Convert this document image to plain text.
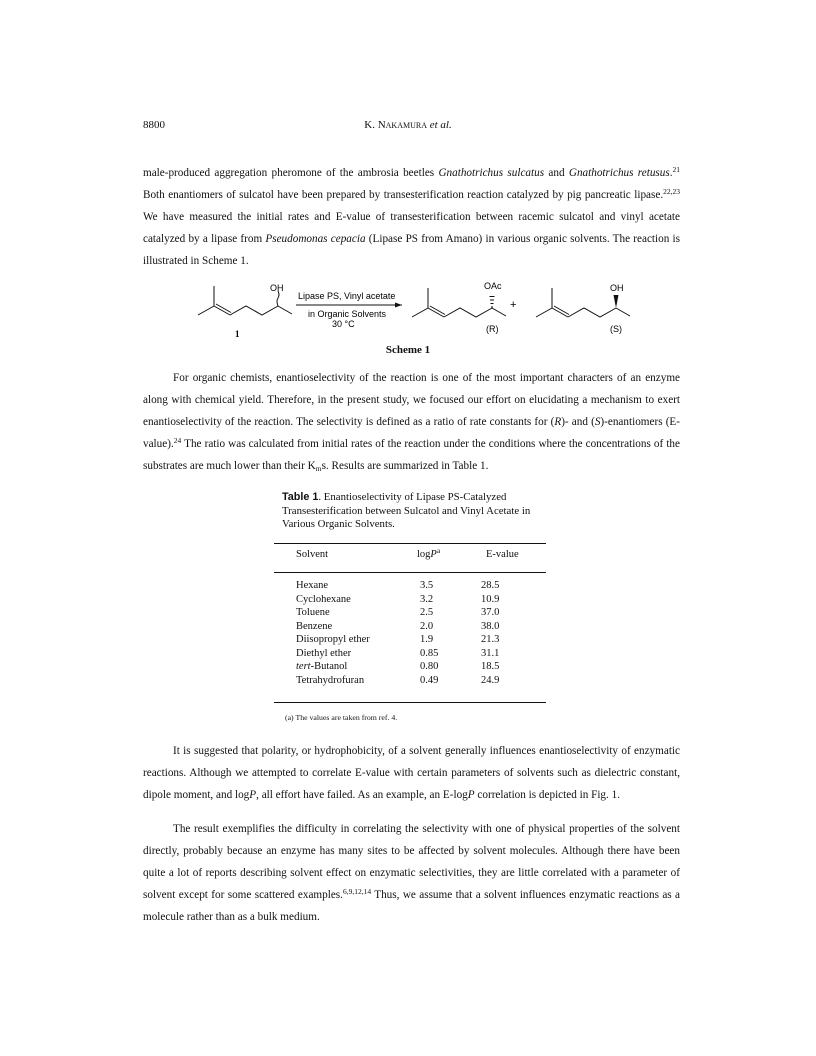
8800	K. Nakamura et al.

male-produced aggregation pheromone of the ambrosia beetles Gnathotrichus sulcatus and Gnathotrichus retusus.$^{21}$ Both enantiomers of sulcatol have been prepared by transesterification reaction catalyzed by pig pancreatic lipase.$^{22,23}$ We have measured the initial rates and E-value of transesterification between racemic sulcatol and vinyl acetate catalyzed by a lipase from Pseudomonas cepacia (Lipase PS from Amano) in various organic solvents. The reaction is illustrated in Scheme 1.

OH
1
Lipase PS, Vinyl acetate
in Organic Solvents
30 °C
OAc
(R)
+
OH
(S)
Scheme 1

For organic chemists, enantioselectivity of the reaction is one of the most important characters of an enzyme along with chemical yield. Therefore, in the present study, we focused our effort on elucidating a mechanism to exert enantioselectivity of the reaction. The selectivity is defined as a ratio of rate constants for (R)- and (S)-enantiomers (E-value).$^{24}$ The ratio was calculated from initial rates of the reaction under the conditions where the concentrations of the substrates are much lower than their $K_ms$. Results are summarized in Table 1.

Table 1. Enantioselectivity of Lipase PS-Catalyzed Transesterification between Sulcatol and Vinyl Acetate in Various Organic Solvents.
Solvent	logP$^a$	E-value
Hexane	3.5	28.5
Cyclohexane	3.2	10.9
Toluene	2.5	37.0
Benzene	2.0	38.0
Diisopropyl ether	1.9	21.3
Diethyl ether	0.85	31.1
tert-Butanol	0.80	18.5
Tetrahydrofuran	0.49	24.9
(a) The values are taken from ref. 4.

It is suggested that polarity, or hydrophobicity, of a solvent generally influences enantioselectivity of enzymatic reactions. Although we attempted to correlate E-value with certain parameters of solvents such as dielectric constant, dipole moment, and logP, all effort have failed. As an example, an E-logP correlation is depicted in Fig. 1.

The result exemplifies the difficulty in correlating the selectivity with one of physical properties of the solvent directly, probably because an enzyme has many sites to be affected by solvent molecules. Although there have been quite a lot of reports describing solvent effect on enzymatic selectivities, they are little correlated with a parameter of solvent except for some scattered examples.$^{6,9,12,14}$ Thus, we assume that a solvent influences enzymatic reactions as a molecule rather than as a bulk medium.
